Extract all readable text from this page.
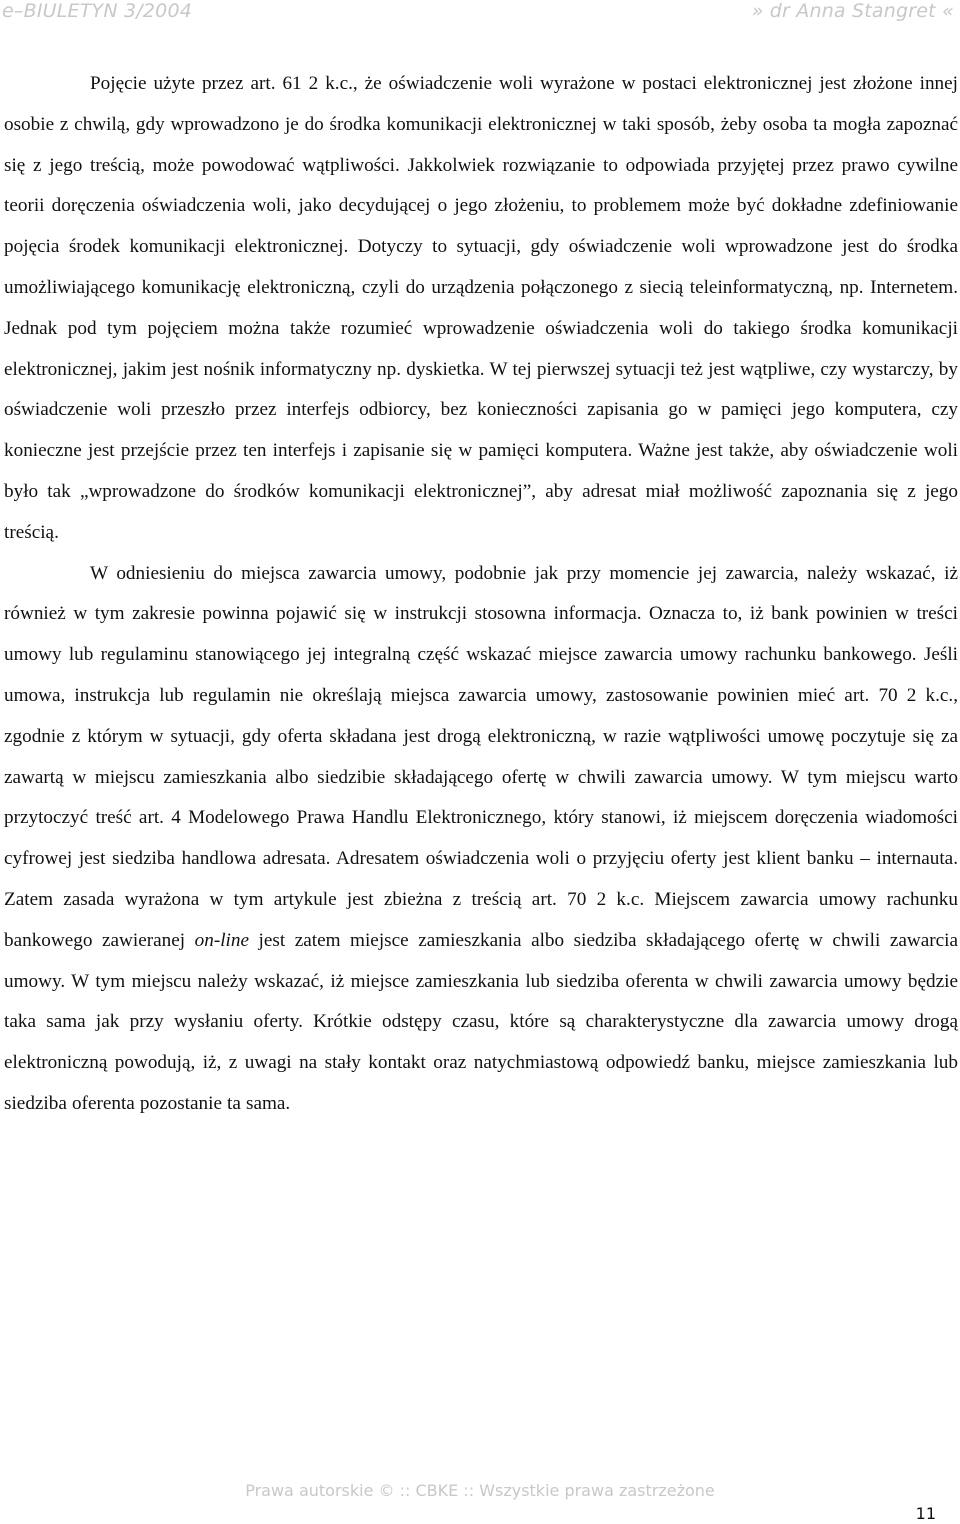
e–BIULETYN 3/2004	» dr Anna Stangret «

Pojęcie użyte przez art. 61 2 k.c., że oświadczenie woli wyrażone w postaci elektronicznej jest złożone innej osobie z chwilą, gdy wprowadzono je do środka komunikacji elektronicznej w taki sposób, żeby osoba ta mogła zapoznać się z jego treścią, może powodować wątpliwości. Jakkolwiek rozwiązanie to odpowiada przyjętej przez prawo cywilne teorii doręczenia oświadczenia woli, jako decydującej o jego złożeniu, to problemem może być dokładne zdefiniowanie pojęcia środek komunikacji elektronicznej. Dotyczy to sytuacji, gdy oświadczenie woli wprowadzone jest do środka umożliwiającego komunikację elektroniczną, czyli do urządzenia połączonego z siecią teleinformatyczną, np. Internetem. Jednak pod tym pojęciem można także rozumieć wprowadzenie oświadczenia woli do takiego środka komunikacji elektronicznej, jakim jest nośnik informatyczny np. dyskietka. W tej pierwszej sytuacji też jest wątpliwe, czy wystarczy, by oświadczenie woli przeszło przez interfejs odbiorcy, bez konieczności zapisania go w pamięci jego komputera, czy konieczne jest przejście przez ten interfejs i zapisanie się w pamięci komputera. Ważne jest także, aby oświadczenie woli było tak „wprowadzone do środków komunikacji elektronicznej”, aby adresat miał możliwość zapoznania się z jego treścią.

W odniesieniu do miejsca zawarcia umowy, podobnie jak przy momencie jej zawarcia, należy wskazać, iż również w tym zakresie powinna pojawić się w instrukcji stosowna informacja. Oznacza to, iż bank powinien w treści umowy lub regulaminu stanowiącego jej integralną część wskazać miejsce zawarcia umowy rachunku bankowego. Jeśli umowa, instrukcja lub regulamin nie określają miejsca zawarcia umowy, zastosowanie powinien mieć art. 70 2 k.c., zgodnie z którym w sytuacji, gdy oferta składana jest drogą elektroniczną, w razie wątpliwości umowę poczytuje się za zawartą w miejscu zamieszkania albo siedzibie składającego ofertę w chwili zawarcia umowy. W tym miejscu warto przytoczyć treść art. 4 Modelowego Prawa Handlu Elektronicznego, który stanowi, iż miejscem doręczenia wiadomości cyfrowej jest siedziba handlowa adresata. Adresatem oświadczenia woli o przyjęciu oferty jest klient banku – internauta. Zatem zasada wyrażona w tym artykule jest zbieżna z treścią art. 70 2 k.c. Miejscem zawarcia umowy rachunku bankowego zawieranej on-line jest zatem miejsce zamieszkania albo siedziba składającego ofertę w chwili zawarcia umowy. W tym miejscu należy wskazać, iż miejsce zamieszkania lub siedziba oferenta w chwili zawarcia umowy będzie taka sama jak przy wysłaniu oferty. Krótkie odstępy czasu, które są charakterystyczne dla zawarcia umowy drogą elektroniczną powodują, iż, z uwagi na stały kontakt oraz natychmiastową odpowiedź banku, miejsce zamieszkania lub siedziba oferenta pozostanie ta sama.

Prawa autorskie © :: CBKE :: Wszystkie prawa zastrzeżone
11
